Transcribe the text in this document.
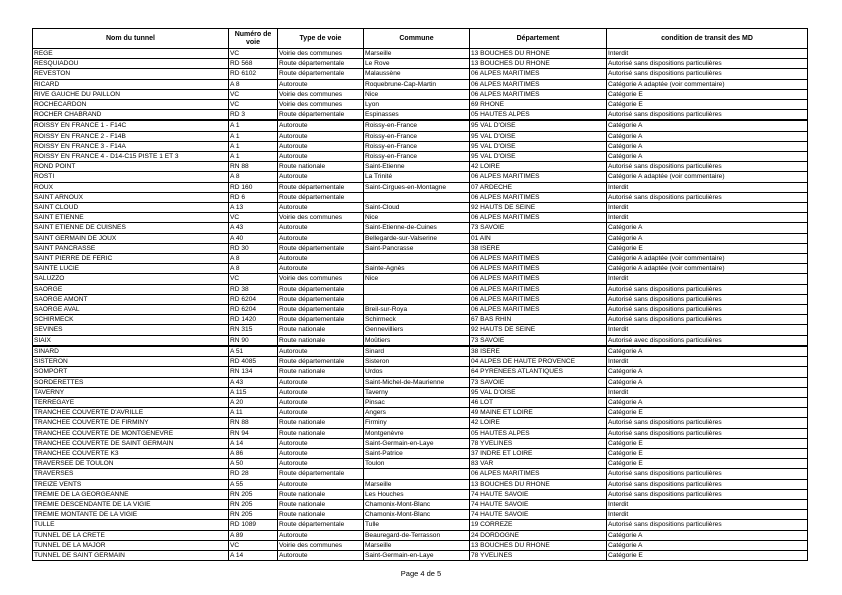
Nom du tunnel	Numéro de voie	Type de voie	Commune	Département	condition de transit des MD
REGE	VC	Voirie des communes	Marseille	13 BOUCHES DU RHONE	Interdit
RESQUIADOU	RD 568	Route départementale	Le Rove	13 BOUCHES DU RHONE	Autorisé sans dispositions particulières
REVESTON	RD 6102	Route départementale	Malaussène	06 ALPES MARITIMES	Autorisé sans dispositions particulières
RICARD	A 8	Autoroute	Roquebrune-Cap-Martin	06 ALPES MARITIMES	Catégorie A adaptée (voir commentaire)
RIVE GAUCHE DU PAILLON	VC	Voirie des communes	Nice	06 ALPES MARITIMES	Catégorie E
ROCHECARDON	VC	Voirie des communes	Lyon	69 RHONE	Catégorie E
ROCHER CHABRAND	RD 3	Route départementale	Espinasses	05 HAUTES ALPES	Autorisé sans dispositions particulières
ROISSY EN FRANCE 1 - F14C	A 1	Autoroute	Roissy-en-France	95 VAL D'OISE	Catégorie A
ROISSY EN FRANCE 2 - F14B	A 1	Autoroute	Roissy-en-France	95 VAL D'OISE	Catégorie A
ROISSY EN FRANCE 3 - F14A	A 1	Autoroute	Roissy-en-France	95 VAL D'OISE	Catégorie A
ROISSY EN FRANCE 4 - D14-C15 PISTE 1 ET 3	A 1	Autoroute	Roissy-en-France	95 VAL D'OISE	Catégorie A
ROND POINT	RN 88	Route nationale	Saint-Etienne	42 LOIRE	Autorisé sans dispositions particulières
ROSTI	A 8	Autoroute	La Trinité	06 ALPES MARITIMES	Catégorie A adaptée (voir commentaire)
ROUX	RD 160	Route départementale	Saint-Cirgues-en-Montagne	07 ARDECHE	Interdit
SAINT ARNOUX	RD 6	Route départementale		06 ALPES MARITIMES	Autorisé sans dispositions particulières
SAINT CLOUD	A 13	Autoroute	Saint-Cloud	92 HAUTS DE SEINE	Interdit
SAINT ETIENNE	VC	Voirie des communes	Nice	06 ALPES MARITIMES	Interdit
SAINT ETIENNE DE CUISNES	A 43	Autoroute	Saint-Etienne-de-Cuines	73 SAVOIE	Catégorie A
SAINT GERMAIN DE JOUX	A 40	Autoroute	Bellegarde-sur-Valserine	01 AIN	Catégorie A
SAINT PANCRASSE	RD 30	Route départementale	Saint-Pancrasse	38 ISERE	Catégorie E
SAINT PIERRE DE FERIC	A 8	Autoroute		06 ALPES MARITIMES	Catégorie A adaptée (voir commentaire)
SAINTE LUCIE	A 8	Autoroute	Sainte-Agnès	06 ALPES MARITIMES	Catégorie A adaptée (voir commentaire)
SALUZZO	VC	Voirie des communes	Nice	06 ALPES MARITIMES	Interdit
SAORGE	RD 38	Route départementale		06 ALPES MARITIMES	Autorisé sans dispositions particulières
SAORGE AMONT	RD 6204	Route départementale		06 ALPES MARITIMES	Autorisé sans dispositions particulières
SAORGE AVAL	RD 6204	Route départementale	Breil-sur-Roya	06 ALPES MARITIMES	Autorisé sans dispositions particulières
SCHIRMECK	RD 1420	Route départementale	Schirmeck	67 BAS RHIN	Autorisé sans dispositions particulières
SEVINES	RN 315	Route nationale	Gennevilliers	92 HAUTS DE SEINE	Interdit
SIAIX	RN 90	Route nationale	Moûtiers	73 SAVOIE	Autorisé avec dispositions particulières
SINARD	A 51	Autoroute	Sinard	38 ISERE	Catégorie A
SISTERON	RD 4085	Route départementale	Sisteron	04 ALPES DE HAUTE PROVENCE	Interdit
SOMPORT	RN 134	Route nationale	Urdos	64 PYRENEES ATLANTIQUES	Catégorie A
SORDERETTES	A 43	Autoroute	Saint-Michel-de-Maurienne	73 SAVOIE	Catégorie A
TAVERNY	A 115	Autoroute	Taverny	95 VAL D'OISE	Interdit
TERREGAYE	A 20	Autoroute	Pinsac	46 LOT	Catégorie A
TRANCHEE COUVERTE D'AVRILLE	A 11	Autoroute	Angers	49 MAINE ET LOIRE	Catégorie E
TRANCHEE COUVERTE DE FIRMINY	RN 88	Route nationale	Firminy	42 LOIRE	Autorisé sans dispositions particulières
TRANCHEE COUVERTE DE MONTGENEVRE	RN 94	Route nationale	Montgenèvre	05 HAUTES ALPES	Autorisé sans dispositions particulières
TRANCHEE COUVERTE DE SAINT GERMAIN	A 14	Autoroute	Saint-Germain-en-Laye	78 YVELINES	Catégorie E
TRANCHEE COUVERTE K3	A 86	Autoroute	Saint-Patrice	37 INDRE ET LOIRE	Catégorie E
TRAVERSEE DE TOULON	A 50	Autoroute	Toulon	83 VAR	Catégorie E
TRAVERSES	RD 28	Route départementale		06 ALPES MARITIMES	Autorisé sans dispositions particulières
TREIZE VENTS	A 55	Autoroute	Marseille	13 BOUCHES DU RHONE	Autorisé sans dispositions particulières
TREMIE DE LA GEORGEANNE	RN 205	Route nationale	Les Houches	74 HAUTE SAVOIE	Autorisé sans dispositions particulières
TREMIE DESCENDANTE DE LA VIGIE	RN 205	Route nationale	Chamonix-Mont-Blanc	74 HAUTE SAVOIE	Interdit
TREMIE MONTANTE DE LA VIGIE	RN 205	Route nationale	Chamonix-Mont-Blanc	74 HAUTE SAVOIE	Interdit
TULLE	RD 1089	Route départementale	Tulle	19 CORREZE	Autorisé sans dispositions particulières
TUNNEL DE LA CRETE	A 89	Autoroute	Beauregard-de-Terrasson	24 DORDOGNE	Catégorie A
TUNNEL DE LA MAJOR	VC	Voirie des communes	Marseille	13 BOUCHES DU RHONE	Catégorie A
TUNNEL DE SAINT GERMAIN	A 14	Autoroute	Saint-Germain-en-Laye	78 YVELINES	Catégorie E
Page 4 de 5
